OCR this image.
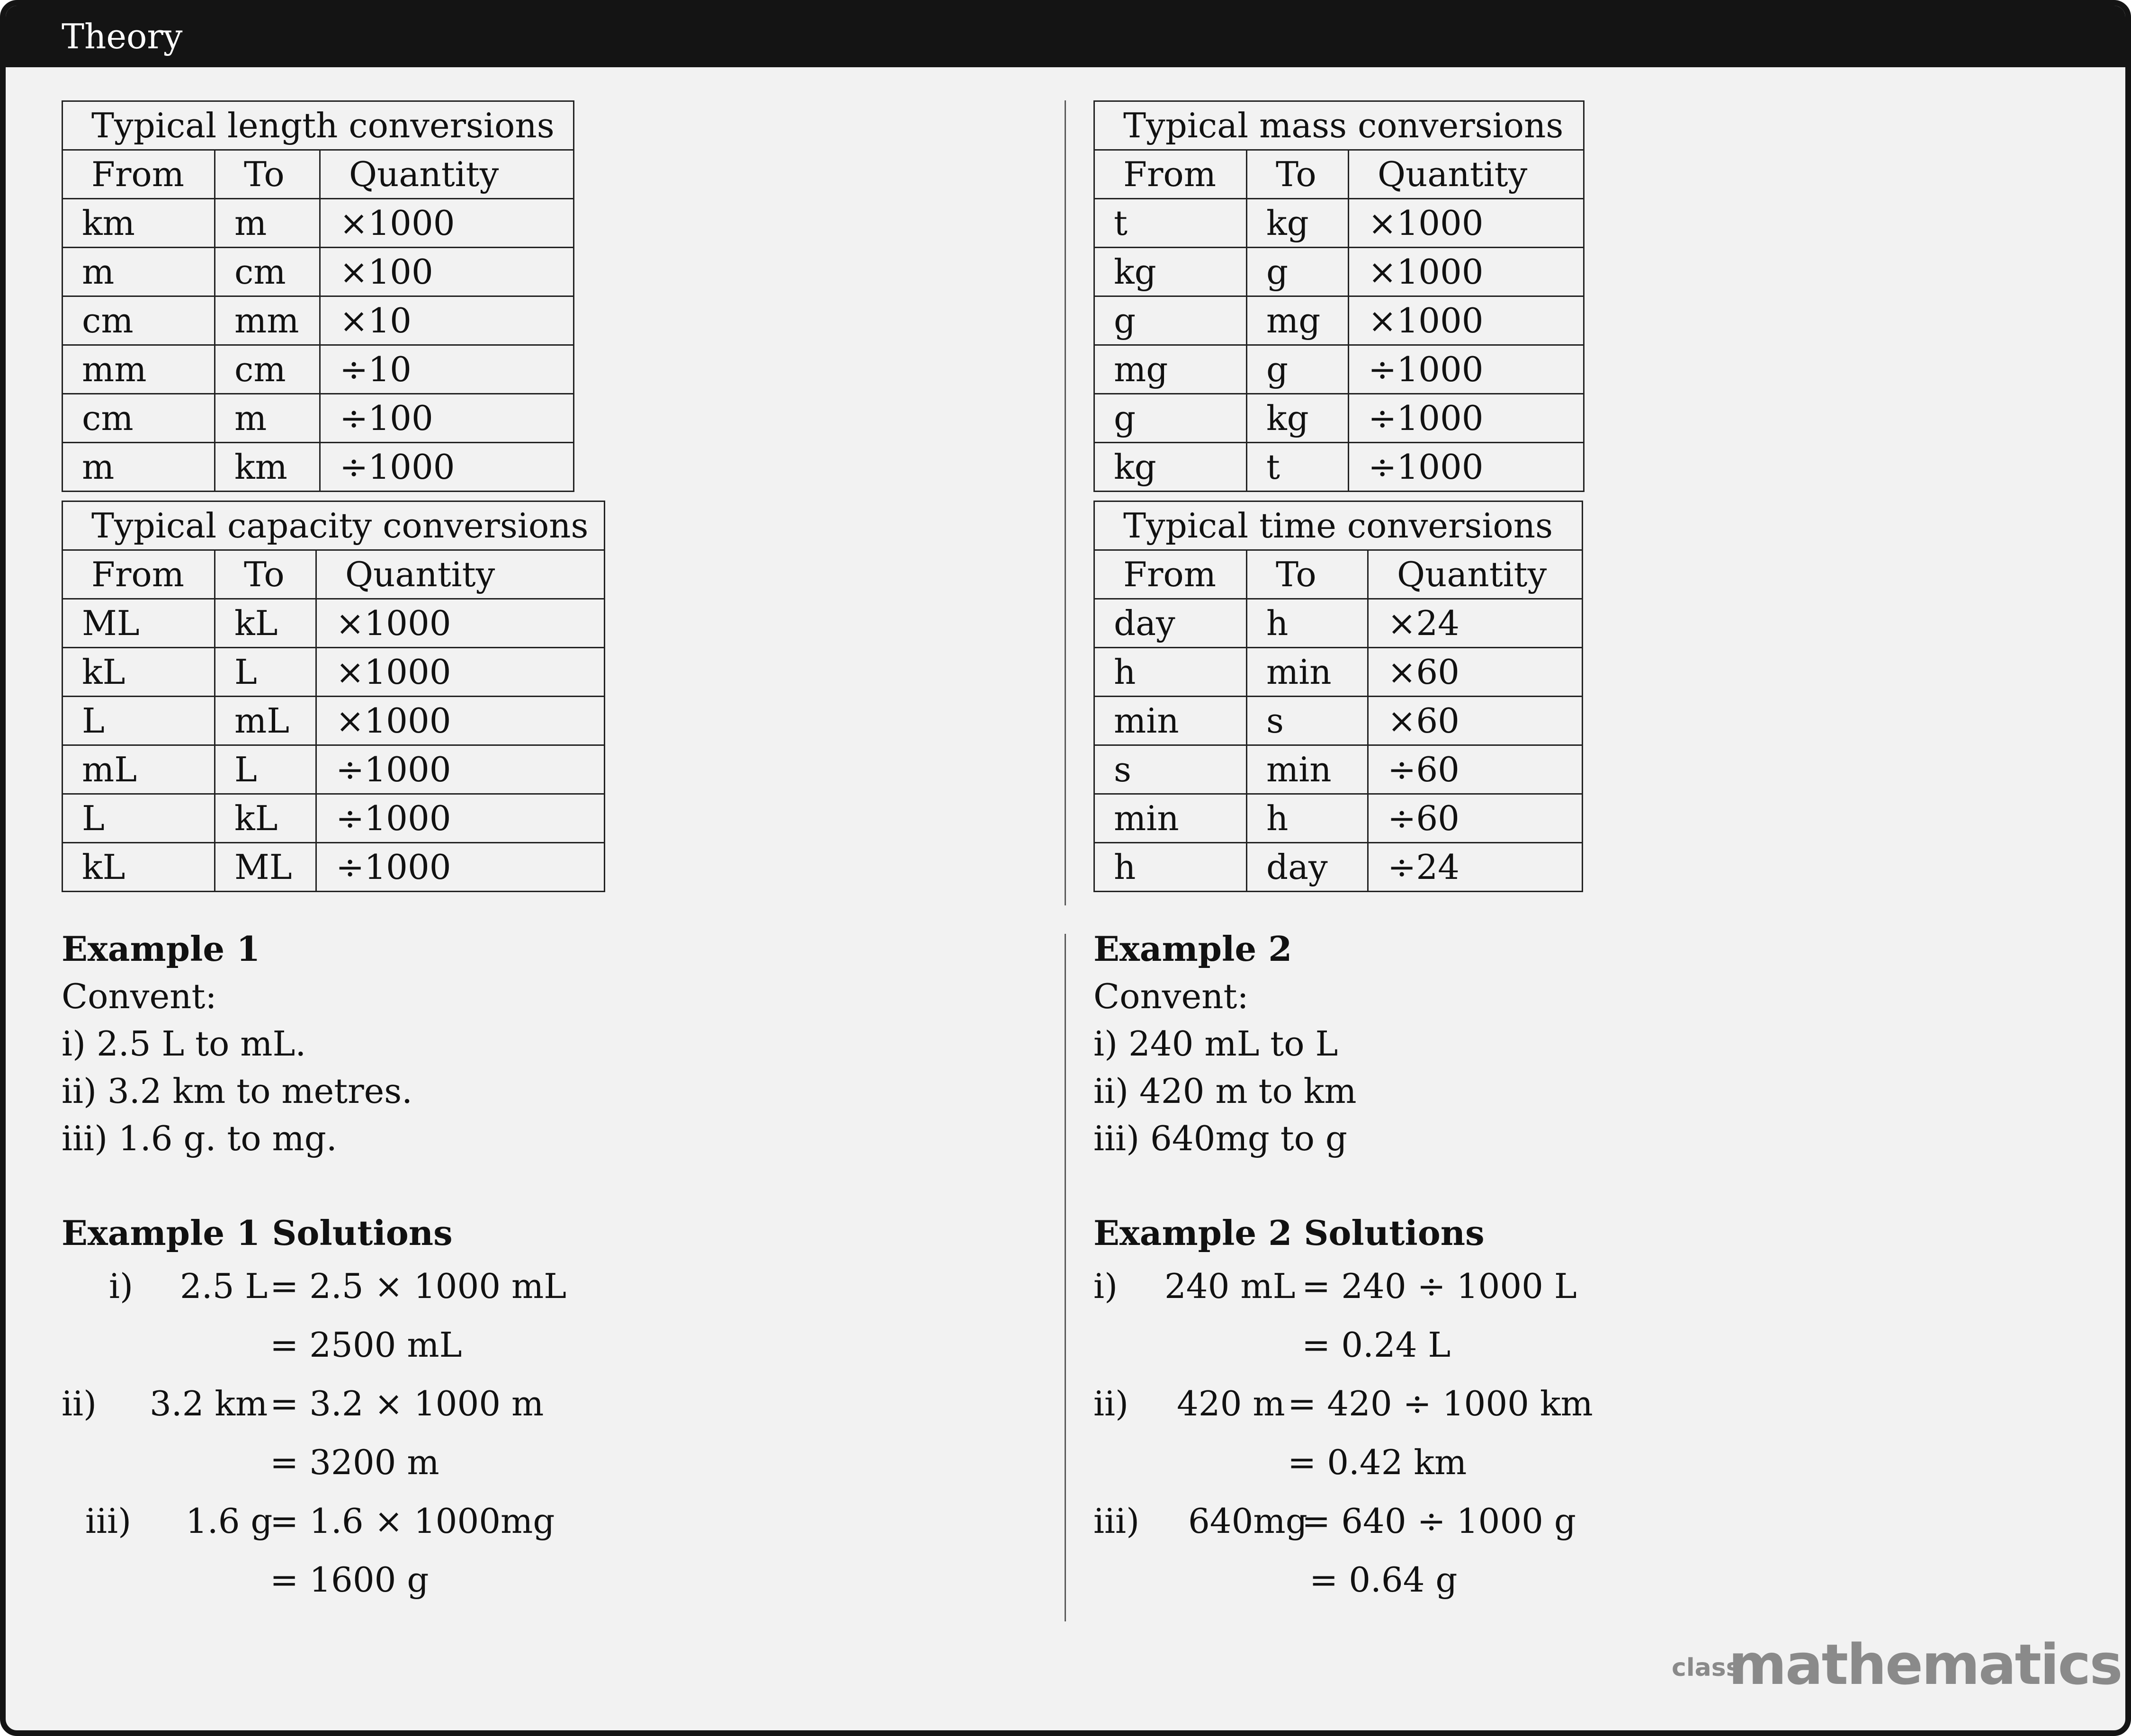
Theory
Typical length conversions		
From	To	Quantity
km	m	×1000
m	cm	×100
cm	mm	×10
mm	cm	÷10
cm	m	÷100
m	km	÷1000
Typical capacity conversions		
From	To	Quantity
ML	kL	×1000
kL	L	×1000
L	mL	×1000
mL	L	÷1000
L	kL	÷1000
kL	ML	÷1000
Example 1
Convent:
i) 2.5 L to mL.
ii) 3.2 km to metres.
iii) 1.6 g. to mg.
Example 1 Solutions
i) 2.5 L = 2.5 × 1000 mL
= 2500 mL
ii) 3.2 km = 3.2 × 1000 m
= 3200 m
iii) 1.6 g
= 1.6 × 1000mg
= 1600 g
Typical mass conversions		
From	To	Quantity
t	kg	×1000
kg	g	×1000
g	mg	×1000
mg	g	÷1000
g	kg	÷1000
kg	t	÷1000
Typical time conversions		
From	To	Quantity
day	h	×24
h	min	×60
min	s	×60
s	min	÷60
min	h	÷60
h	day	÷24
Example 2
Convent:
i) 240 mL to L
ii) 420 m to km
iii) 640mg to g
Example 2 Solutions
i) 240 mL = 240 ÷ 1000 L
= 0.24 L
ii) 420 m = 420 ÷ 1000 km
= 0.42 km
iii) 640mg
= 640 ÷ 1000 g
= 0.64 g
class
mathematics
